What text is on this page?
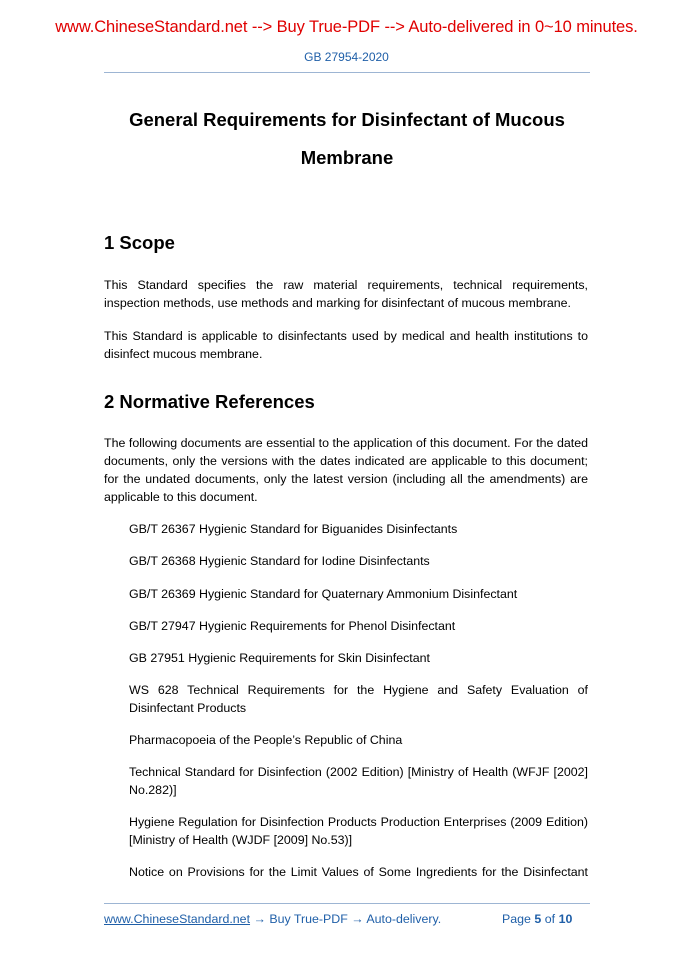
www.ChineseStandard.net --> Buy True-PDF --> Auto-delivered in 0~10 minutes.
GB 27954-2020
General Requirements for Disinfectant of Mucous
Membrane
1 Scope
This Standard specifies the raw material requirements, technical requirements, inspection methods, use methods and marking for disinfectant of mucous membrane.
This Standard is applicable to disinfectants used by medical and health institutions to disinfect mucous membrane.
2 Normative References
The following documents are essential to the application of this document. For the dated documents, only the versions with the dates indicated are applicable to this document; for the undated documents, only the latest version (including all the amendments) are applicable to this document.
GB/T 26367 Hygienic Standard for Biguanides Disinfectants
GB/T 26368 Hygienic Standard for Iodine Disinfectants
GB/T 26369 Hygienic Standard for Quaternary Ammonium Disinfectant
GB/T 27947 Hygienic Requirements for Phenol Disinfectant
GB 27951 Hygienic Requirements for Skin Disinfectant
WS 628 Technical Requirements for the Hygiene and Safety Evaluation of Disinfectant Products
Pharmacopoeia of the People’s Republic of China
Technical Standard for Disinfection (2002 Edition) [Ministry of Health (WFJF [2002] No.282)]
Hygiene Regulation for Disinfection Products Production Enterprises (2009 Edition) [Ministry of Health (WJDF [2009] No.53)]
Notice on Provisions for the Limit Values of Some Ingredients for the Disinfectant
www.ChineseStandard.net → Buy True-PDF → Auto-delivery.	Page 5 of 10
